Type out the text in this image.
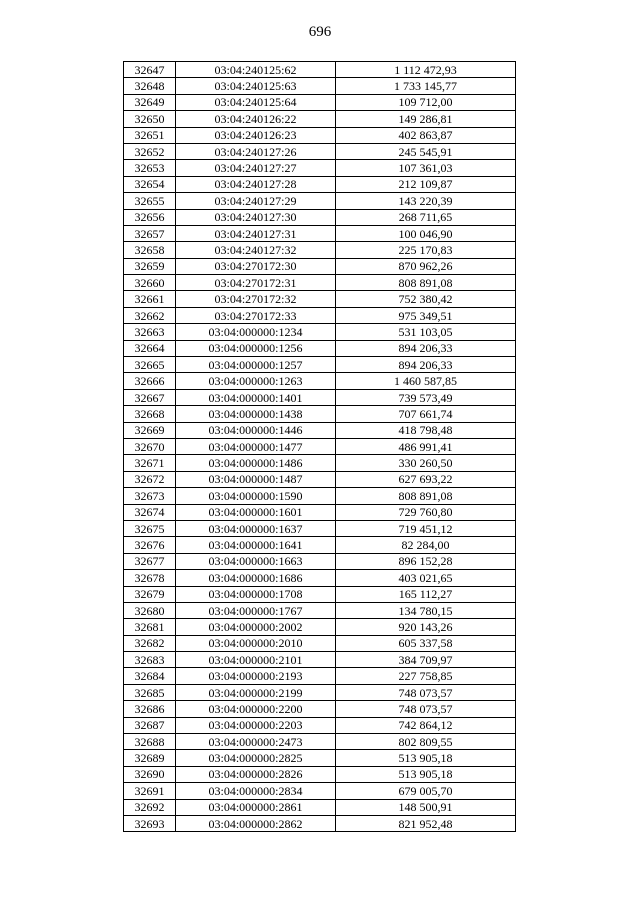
696
32647	03:04:240125:62	1 112 472,93
32648	03:04:240125:63	1 733 145,77
32649	03:04:240125:64	109 712,00
32650	03:04:240126:22	149 286,81
32651	03:04:240126:23	402 863,87
32652	03:04:240127:26	245 545,91
32653	03:04:240127:27	107 361,03
32654	03:04:240127:28	212 109,87
32655	03:04:240127:29	143 220,39
32656	03:04:240127:30	268 711,65
32657	03:04:240127:31	100 046,90
32658	03:04:240127:32	225 170,83
32659	03:04:270172:30	870 962,26
32660	03:04:270172:31	808 891,08
32661	03:04:270172:32	752 380,42
32662	03:04:270172:33	975 349,51
32663	03:04:000000:1234	531 103,05
32664	03:04:000000:1256	894 206,33
32665	03:04:000000:1257	894 206,33
32666	03:04:000000:1263	1 460 587,85
32667	03:04:000000:1401	739 573,49
32668	03:04:000000:1438	707 661,74
32669	03:04:000000:1446	418 798,48
32670	03:04:000000:1477	486 991,41
32671	03:04:000000:1486	330 260,50
32672	03:04:000000:1487	627 693,22
32673	03:04:000000:1590	808 891,08
32674	03:04:000000:1601	729 760,80
32675	03:04:000000:1637	719 451,12
32676	03:04:000000:1641	82 284,00
32677	03:04:000000:1663	896 152,28
32678	03:04:000000:1686	403 021,65
32679	03:04:000000:1708	165 112,27
32680	03:04:000000:1767	134 780,15
32681	03:04:000000:2002	920 143,26
32682	03:04:000000:2010	605 337,58
32683	03:04:000000:2101	384 709,97
32684	03:04:000000:2193	227 758,85
32685	03:04:000000:2199	748 073,57
32686	03:04:000000:2200	748 073,57
32687	03:04:000000:2203	742 864,12
32688	03:04:000000:2473	802 809,55
32689	03:04:000000:2825	513 905,18
32690	03:04:000000:2826	513 905,18
32691	03:04:000000:2834	679 005,70
32692	03:04:000000:2861	148 500,91
32693	03:04:000000:2862	821 952,48
